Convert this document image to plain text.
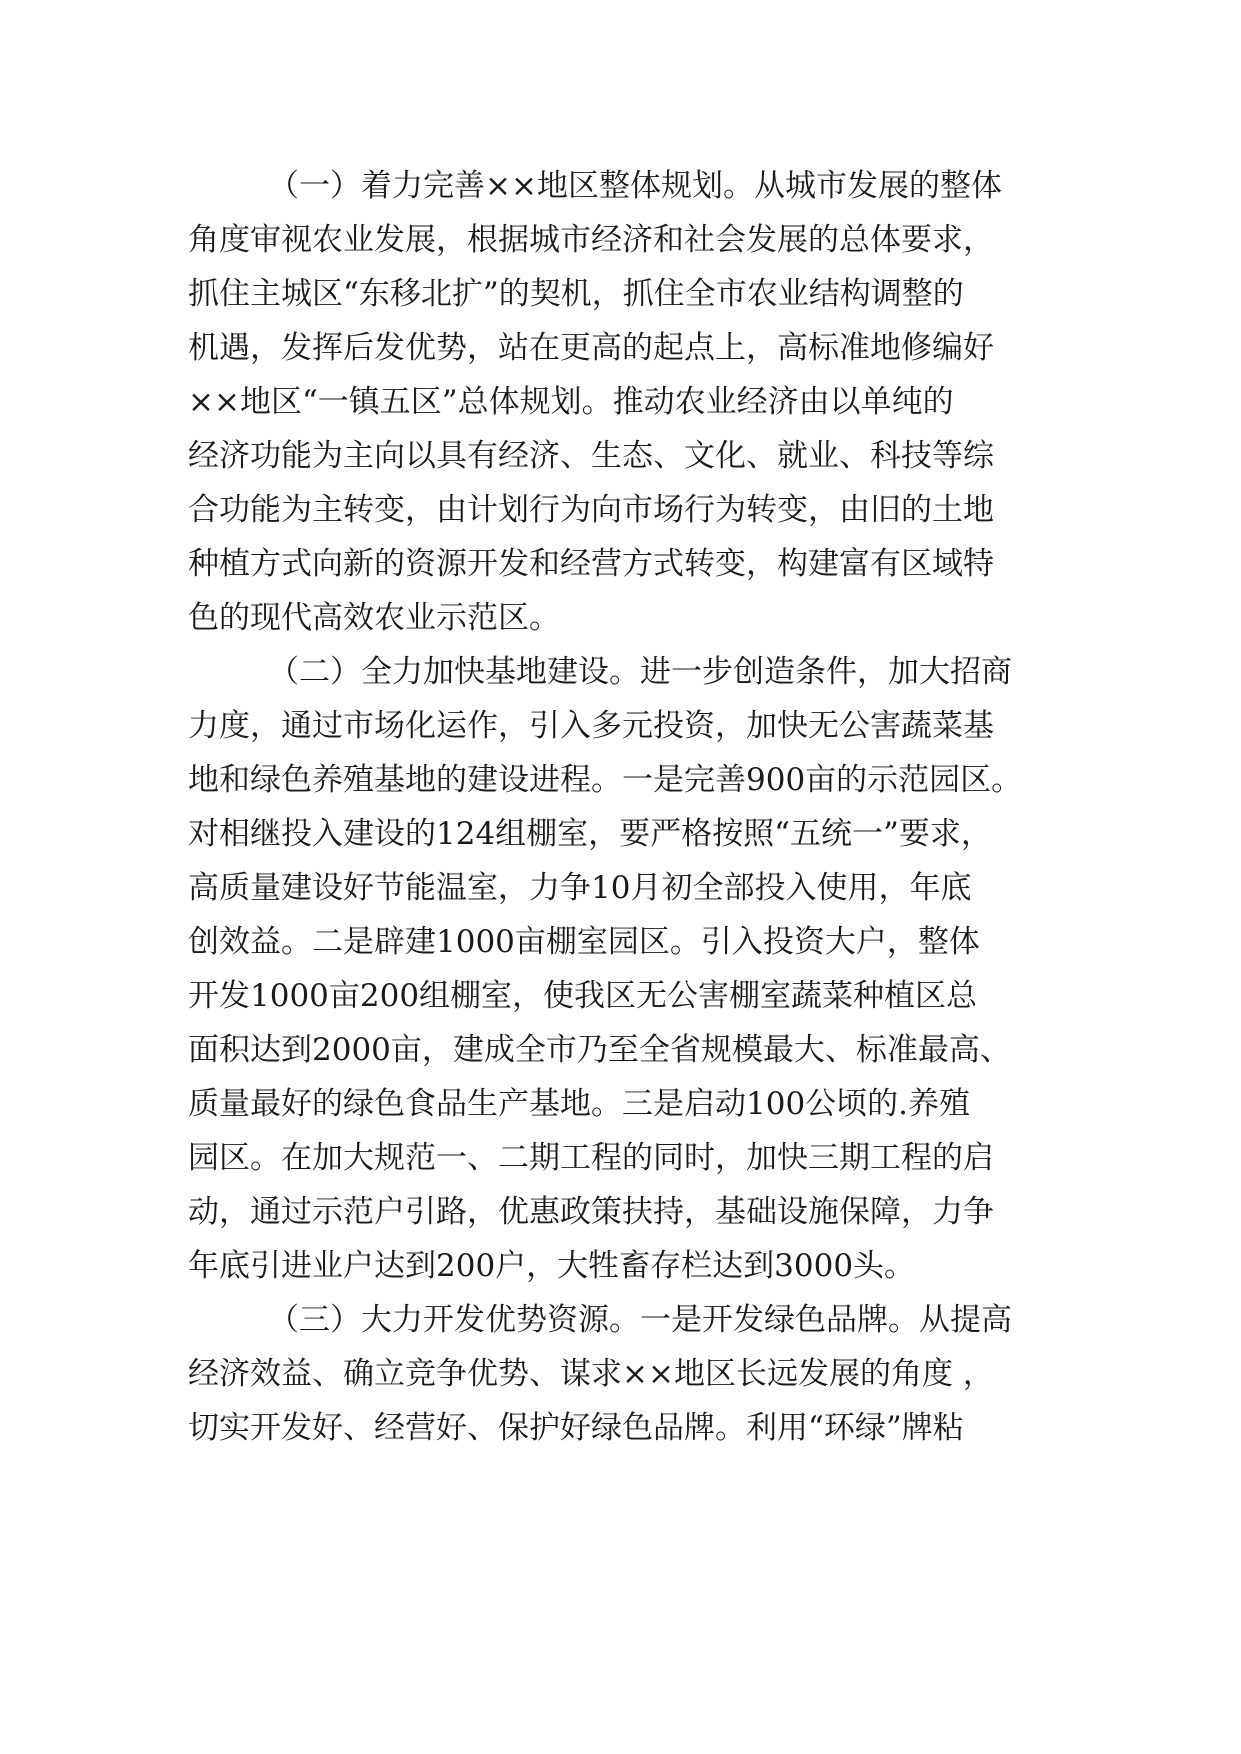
（一）着力完善××地区整体规划。从城市发展的整体
角度审视农业发展，根据城市经济和社会发展的总体要求，
抓住主城区“东移北扩”的契机，抓住全市农业结构调整的
机遇，发挥后发优势，站在更高的起点上，高标准地修编好
××地区“一镇五区”总体规划。推动农业经济由以单纯的
经济功能为主向以具有经济、生态、文化、就业、科技等综
合功能为主转变，由计划行为向市场行为转变，由旧的土地
种植方式向新的资源开发和经营方式转变，构建富有区域特
色的现代高效农业示范区。
（二）全力加快基地建设。进一步创造条件，加大招商
力度，通过市场化运作，引入多元投资，加快无公害蔬菜基
地和绿色养殖基地的建设进程。一是完善900亩的示范园区。
对相继投入建设的124组棚室，要严格按照“五统一”要求，
高质量建设好节能温室，力争10月初全部投入使用，年底
创效益。二是辟建1000亩棚室园区。引入投资大户，整体
开发1000亩200组棚室，使我区无公害棚室蔬菜种植区总
面积达到2000亩，建成全市乃至全省规模最大、标准最高、
质量最好的绿色食品生产基地。三是启动100公顷的.养殖
园区。在加大规范一、二期工程的同时，加快三期工程的启
动，通过示范户引路，优惠政策扶持，基础设施保障，力争
年底引进业户达到200户，大牲畜存栏达到3000头。
（三）大力开发优势资源。一是开发绿色品牌。从提高
经济效益、确立竞争优势、谋求××地区长远发展的角度 ，
切实开发好、经营好、保护好绿色品牌。利用“环绿”牌粘
